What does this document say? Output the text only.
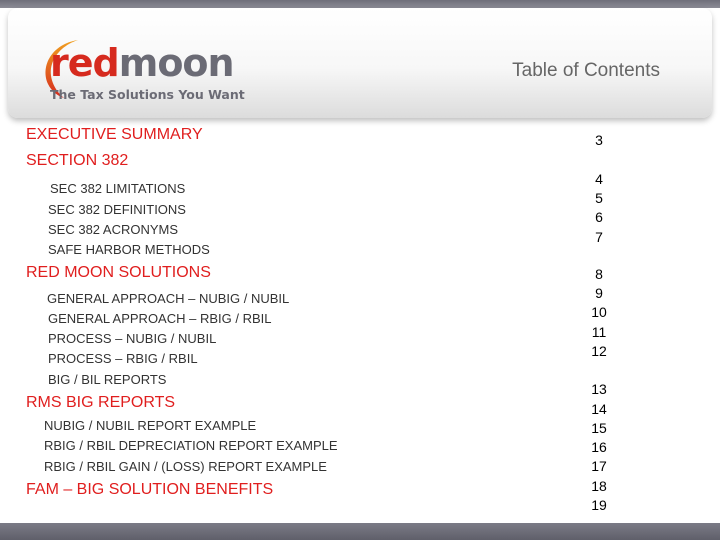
redmoon
The Tax Solutions You Want
Table of Contents
EXECUTIVE SUMMARY
SECTION 382
SEC 382 LIMITATIONS
SEC 382 DEFINITIONS
SEC 382 ACRONYMS
SAFE HARBOR METHODS
RED MOON SOLUTIONS
GENERAL APPROACH – NUBIG / NUBIL
GENERAL APPROACH – RBIG / RBIL
PROCESS – NUBIG / NUBIL
PROCESS – RBIG / RBIL
BIG / BIL REPORTS
RMS BIG REPORTS
NUBIG / NUBIL REPORT EXAMPLE
RBIG / RBIL DEPRECIATION REPORT EXAMPLE
RBIG / RBIL GAIN / (LOSS) REPORT EXAMPLE
FAM – BIG SOLUTION BENEFITS
3
4
5
6
7
8
9
10
11
12
13
14
15
16
17
18
19
